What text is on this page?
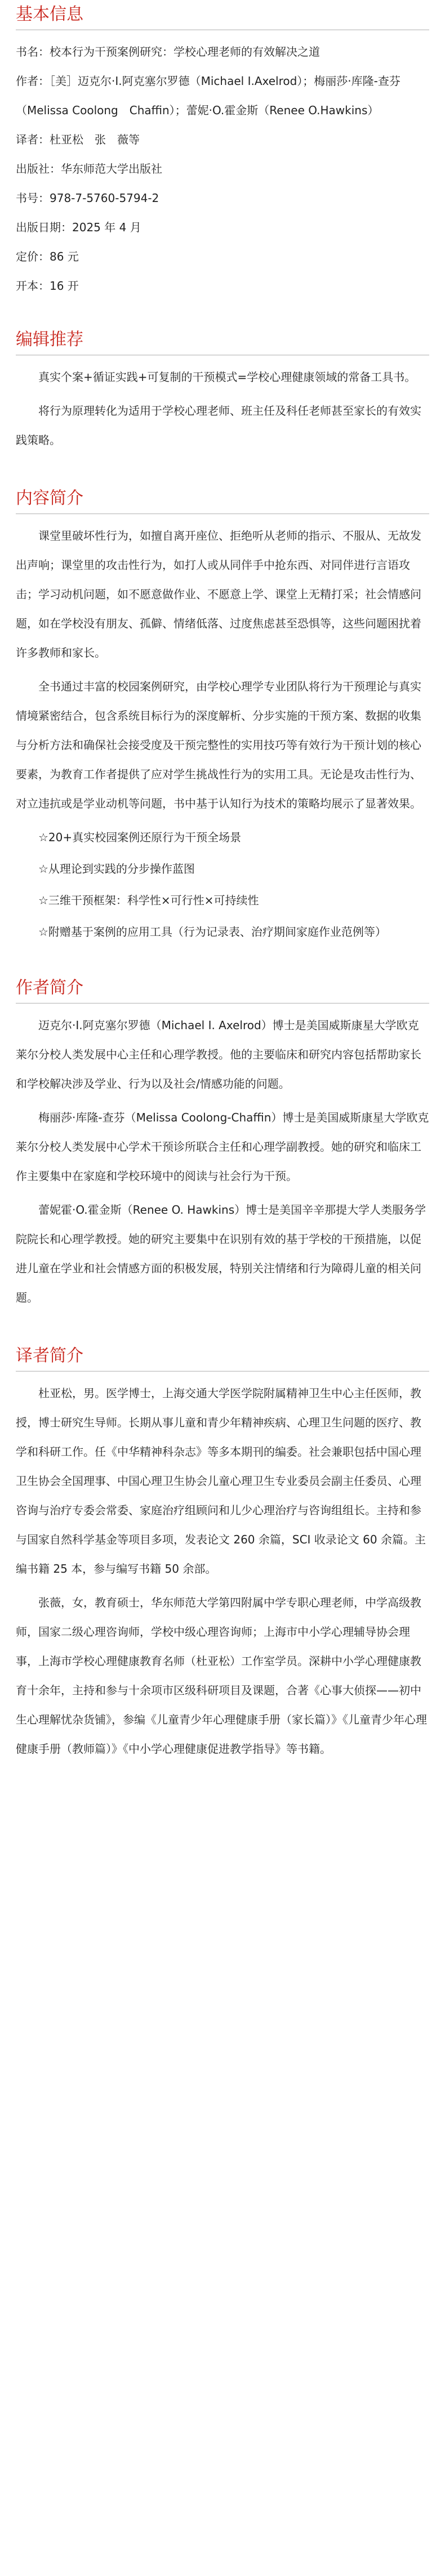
基本信息

书名：校本行为干预案例研究：学校心理老师的有效解决之道

作者：［美］迈克尔·I.阿克塞尔罗德（Michael I.Axelrod）；梅丽莎·库隆-查芬（Melissa Coolong　Chaffin）；蕾妮·O.霍金斯（Renee O.Hawkins）

译者：杜亚松　张　薇等

出版社：华东师范大学出版社

书号：978-7-5760-5794-2

出版日期：2025 年 4 月

定价：86 元

开本：16 开

编辑推荐

真实个案+循证实践+可复制的干预模式=学校心理健康领域的常备工具书。

将行为原理转化为适用于学校心理老师、班主任及科任老师甚至家长的有效实践策略。

内容简介

课堂里破坏性行为，如擅自离开座位、拒绝听从老师的指示、不服从、无故发出声响；课堂里的攻击性行为，如打人或从同伴手中抢东西、对同伴进行言语攻击；学习动机问题，如不愿意做作业、不愿意上学、课堂上无精打采；社会情感问题，如在学校没有朋友、孤僻、情绪低落、过度焦虑甚至恐惧等，这些问题困扰着许多教师和家长。

全书通过丰富的校园案例研究，由学校心理学专业团队将行为干预理论与真实情境紧密结合，包含系统目标行为的深度解析、分步实施的干预方案、数据的收集与分析方法和确保社会接受度及干预完整性的实用技巧等有效行为干预计划的核心要素，为教育工作者提供了应对学生挑战性行为的实用工具。无论是攻击性行为、对立违抗或是学业动机等问题，书中基于认知行为技术的策略均展示了显著效果。

☆20+真实校园案例还原行为干预全场景

☆从理论到实践的分步操作蓝图

☆三维干预框架：科学性×可行性×可持续性

☆附赠基于案例的应用工具（行为记录表、治疗期间家庭作业范例等）

作者简介

迈克尔·I.阿克塞尔罗德（Michael I. Axelrod）博士是美国威斯康星大学欧克莱尔分校人类发展中心主任和心理学教授。他的主要临床和研究内容包括帮助家长和学校解决涉及学业、行为以及社会/情感功能的问题。

梅丽莎·库隆-查芬（Melissa Coolong-Chaffin）博士是美国威斯康星大学欧克莱尔分校人类发展中心学术干预诊所联合主任和心理学副教授。她的研究和临床工作主要集中在家庭和学校环境中的阅读与社会行为干预。

蕾妮霍·O.霍金斯（Renee O. Hawkins）博士是美国辛辛那提大学人类服务学院院长和心理学教授。她的研究主要集中在识别有效的基于学校的干预措施，以促进儿童在学业和社会情感方面的积极发展，特别关注情绪和行为障碍儿童的相关问题。

译者简介

杜亚松，男。医学博士，上海交通大学医学院附属精神卫生中心主任医师，教授，博士研究生导师。长期从事儿童和青少年精神疾病、心理卫生问题的医疗、教学和科研工作。任《中华精神科杂志》等多本期刊的编委。社会兼职包括中国心理卫生协会全国理事、中国心理卫生协会儿童心理卫生专业委员会副主任委员、心理咨询与治疗专委会常委、家庭治疗组顾问和儿少心理治疗与咨询组组长。主持和参与国家自然科学基金等项目多项，发表论文 260 余篇，SCI 收录论文 60 余篇。主编书籍 25 本，参与编写书籍 50 余部。

张薇，女，教育硕士，华东师范大学第四附属中学专职心理老师，中学高级教师，国家二级心理咨询师，学校中级心理咨询师；上海市中小学心理辅导协会理事，上海市学校心理健康教育名师（杜亚松）工作室学员。深耕中小学心理健康教育十余年，主持和参与十余项市区级科研项目及课题，合著《心事大侦探——初中生心理解忧杂货铺》，参编《儿童青少年心理健康手册（家长篇）》《儿童青少年心理健康手册（教师篇）》《中小学心理健康促进教学指导》等书籍。
